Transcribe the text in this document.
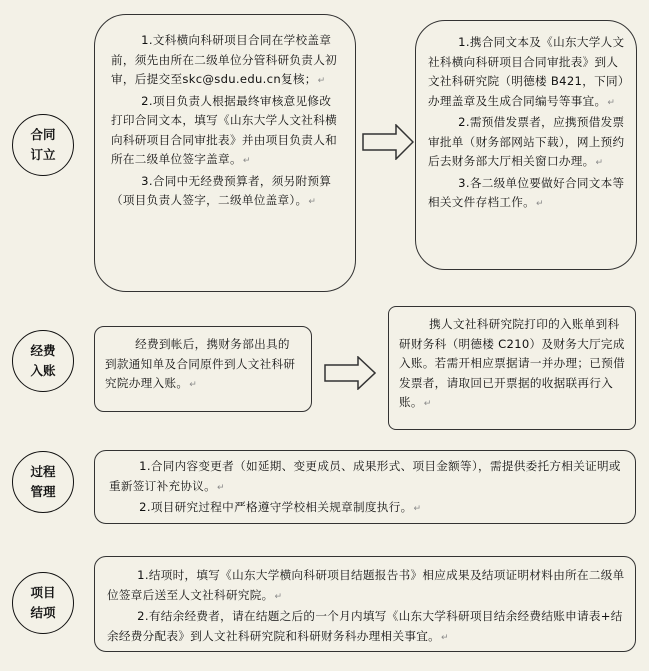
合同
订立

1.文科横向科研项目合同在学校盖章前，须先由所在二级单位分管科研负责人初审，后提交至skc@sdu.edu.cn复核；↵

2.项目负责人根据最终审核意见修改打印合同文本，填写《山东大学人文社科横向科研项目合同审批表》并由项目负责人和所在二级单位签字盖章。↵

3.合同中无经费预算者，须另附预算（项目负责人签字，二级单位盖章）。↵

1.携合同文本及《山东大学人文社科横向科研项目合同审批表》到人文社科研究院（明德楼 B421，下同）办理盖章及生成合同编号等事宜。↵

2.需预借发票者，应携预借发票审批单（财务部网站下载），网上预约后去财务部大厅相关窗口办理。↵

3.各二级单位要做好合同文本等相关文件存档工作。↵

经费
入账

经费到帐后，携财务部出具的到款通知单及合同原件到人文社科研究院办理入账。↵

携人文社科研究院打印的入账单到科研财务科（明德楼 C210）及财务大厅完成入账。若需开相应票据请一并办理；已预借发票者，请取回已开票据的收据联再行入账。↵

过程
管理

1.合同内容变更者（如延期、变更成员、成果形式、项目金额等），需提供委托方相关证明或重新签订补充协议。↵

2.项目研究过程中严格遵守学校相关规章制度执行。↵

项目
结项

1.结项时，填写《山东大学横向科研项目结题报告书》相应成果及结项证明材料由所在二级单位签章后送至人文社科研究院。↵

2.有结余经费者，请在结题之后的一个月内填写《山东大学科研项目结余经费结账申请表+结余经费分配表》到人文社科研究院和科研财务科办理相关事宜。↵
